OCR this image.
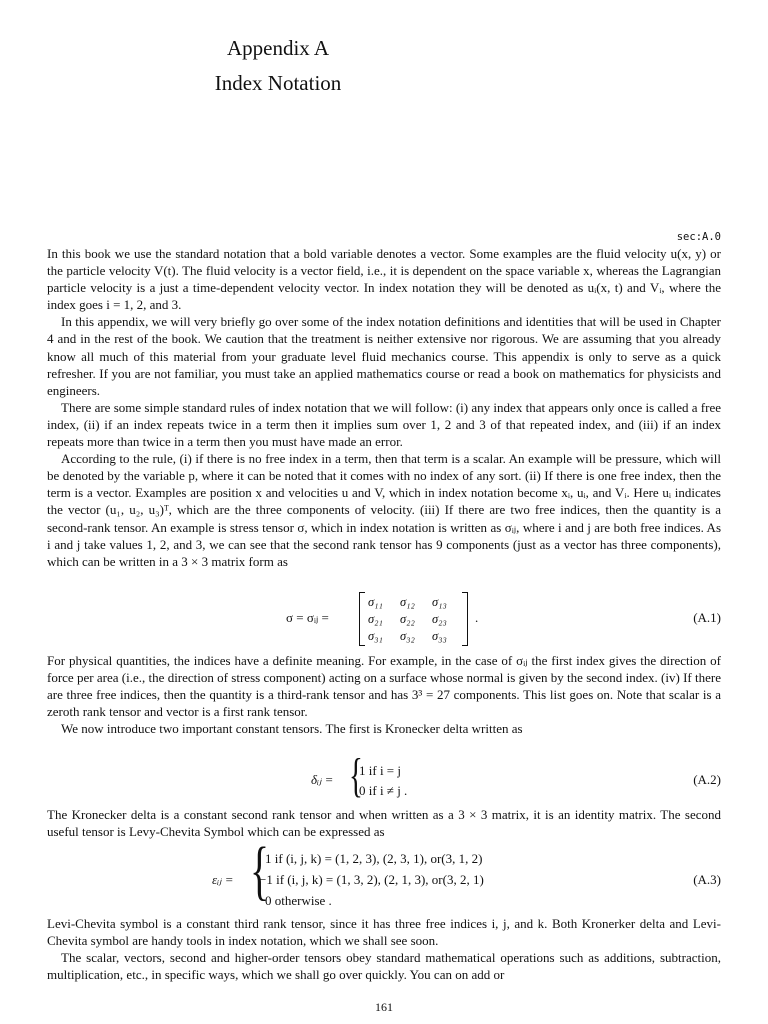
Appendix A
Index Notation
sec:A.0

In this book we use the standard notation that a bold variable denotes a vector. Some examples are the fluid velocity u(x, y) or the particle velocity V(t). The fluid velocity is a vector field, i.e., it is dependent on the space variable x, whereas the Lagrangian particle velocity is a just a time-dependent velocity vector. In index notation they will be denoted as uᵢ(x, t) and Vᵢ, where the index goes i = 1, 2, and 3.

In this appendix, we will very briefly go over some of the index notation definitions and identities that will be used in Chapter 4 and in the rest of the book. We caution that the treatment is neither extensive nor rigorous. We are assuming that you already know all much of this material from your graduate level fluid mechanics course. This appendix is only to serve as a quick refresher. If you are not familiar, you must take an applied mathematics course or read a book on mathematics for physicists and engineers.

There are some simple standard rules of index notation that we will follow: (i) any index that appears only once is called a free index, (ii) if an index repeats twice in a term then it implies sum over 1, 2 and 3 of that repeated index, and (iii) if an index repeats more than twice in a term then you must have made an error.

According to the rule, (i) if there is no free index in a term, then that term is a scalar. An example will be pressure, which will be denoted by the variable p, where it can be noted that it comes with no index of any sort. (ii) If there is one free index, then the term is a vector. Examples are position x and velocities u and V, which in index notation become xᵢ, uᵢ, and Vᵢ. Here uᵢ indicates the vector (u₁, u₂, u₃)ᵀ, which are the three components of velocity. (iii) If there are two free indices, then the quantity is a second-rank tensor. An example is stress tensor σ, which in index notation is written as σᵢⱼ, where i and j are both free indices. As i and j take values 1, 2, and 3, we can see that the second rank tensor has 9 components (just as a vector has three components), which can be written in a 3 × 3 matrix form as

σ = σᵢⱼ =
σ₁₁	σ₁₂	σ₁₃
σ₂₁	σ₂₂	σ₂₃
σ₃₁	σ₃₂	σ₃₃
.	(A.1)

For physical quantities, the indices have a definite meaning. For example, in the case of σᵢⱼ the first index gives the direction of force per area (i.e., the direction of stress component) acting on a surface whose normal is given by the second index. (iv) If there are three free indices, then the quantity is a third-rank tensor and has 3³ = 27 components. This list goes on. Note that scalar is a zeroth rank tensor and vector is a first rank tensor.

We now introduce two important constant tensors. The first is Kronecker delta written as

δᵢⱼ = {
1 if i = j
0 if i ≠ j .
(A.2)

The Kronecker delta is a constant second rank tensor and when written as a 3 × 3 matrix, it is an identity matrix. The second useful tensor is Levy-Chevita Symbol which can be expressed as

εᵢⱼ = {
1 if (i, j, k) = (1, 2, 3), (2, 3, 1), or(3, 1, 2)
−1 if (i, j, k) = (1, 3, 2), (2, 1, 3), or(3, 2, 1)
0 otherwise .
(A.3)

Levi-Chevita symbol is a constant third rank tensor, since it has three free indices i, j, and k. Both Kronerker delta and Levi-Chevita symbol are handy tools in index notation, which we shall see soon.

The scalar, vectors, second and higher-order tensors obey standard mathematical operations such as additions, subtraction, multiplication, etc., in specific ways, which we shall go over quickly. You can on add or

161
